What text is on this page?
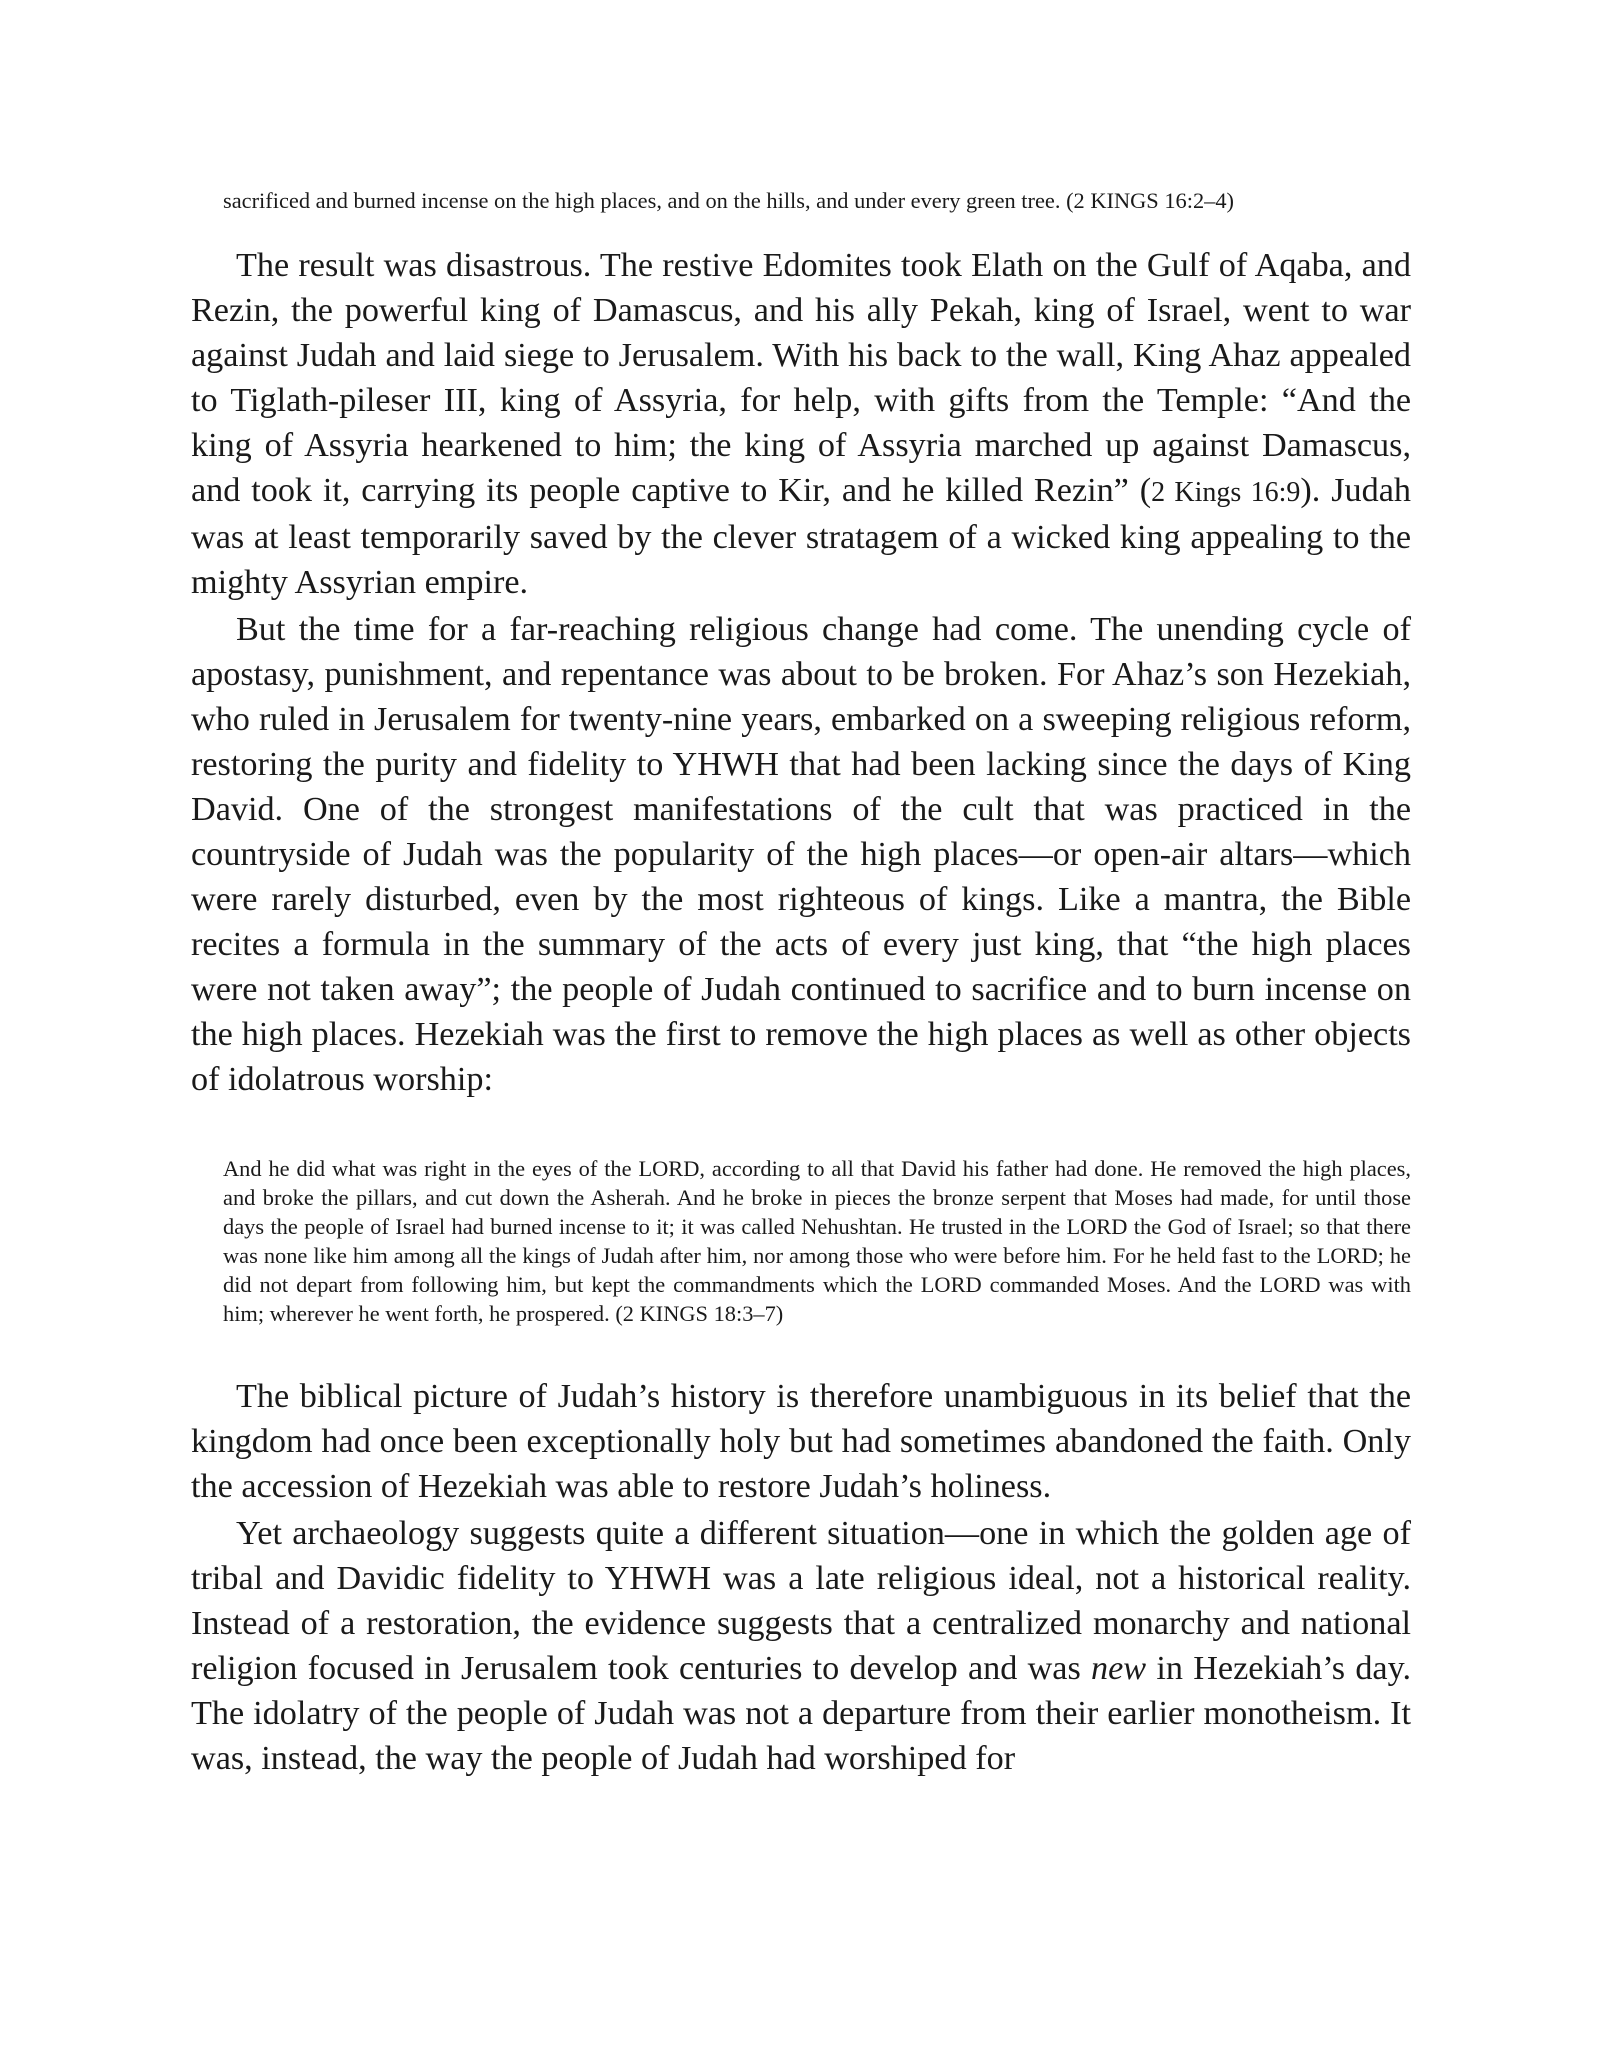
sacrificed and burned incense on the high places, and on the hills, and under every green tree. (2 KINGS 16:2–4)

The result was disastrous. The restive Edomites took Elath on the Gulf of Aqaba, and Rezin, the powerful king of Damascus, and his ally Pekah, king of Israel, went to war against Judah and laid siege to Jerusalem. With his back to the wall, King Ahaz appealed to Tiglath-pileser III, king of Assyria, for help, with gifts from the Temple: “And the king of Assyria hearkened to him; the king of Assyria marched up against Damascus, and took it, carrying its people captive to Kir, and he killed Rezin” (2 Kings 16:9). Judah was at least temporarily saved by the clever stratagem of a wicked king appealing to the mighty Assyrian empire.

But the time for a far-reaching religious change had come. The unending cycle of apostasy, punishment, and repentance was about to be broken. For Ahaz’s son Hezekiah, who ruled in Jerusalem for twenty-nine years, embarked on a sweeping religious reform, restoring the purity and fidelity to YHWH that had been lacking since the days of King David. One of the strongest manifestations of the cult that was practiced in the countryside of Judah was the popularity of the high places—or open-air altars—which were rarely disturbed, even by the most righteous of kings. Like a mantra, the Bible recites a formula in the summary of the acts of every just king, that “the high places were not taken away”; the people of Judah continued to sacrifice and to burn incense on the high places. Hezekiah was the first to remove the high places as well as other objects of idolatrous worship:

And he did what was right in the eyes of the LORD, according to all that David his father had done. He removed the high places, and broke the pillars, and cut down the Asherah. And he broke in pieces the bronze serpent that Moses had made, for until those days the people of Israel had burned incense to it; it was called Nehushtan. He trusted in the LORD the God of Israel; so that there was none like him among all the kings of Judah after him, nor among those who were before him. For he held fast to the LORD; he did not depart from following him, but kept the commandments which the LORD commanded Moses. And the LORD was with him; wherever he went forth, he prospered. (2 KINGS 18:3–7)

The biblical picture of Judah’s history is therefore unambiguous in its belief that the kingdom had once been exceptionally holy but had sometimes abandoned the faith. Only the accession of Hezekiah was able to restore Judah’s holiness.

Yet archaeology suggests quite a different situation—one in which the golden age of tribal and Davidic fidelity to YHWH was a late religious ideal, not a historical reality. Instead of a restoration, the evidence suggests that a centralized monarchy and national religion focused in Jerusalem took centuries to develop and was new in Hezekiah’s day. The idolatry of the people of Judah was not a departure from their earlier monotheism. It was, instead, the way the people of Judah had worshiped for
